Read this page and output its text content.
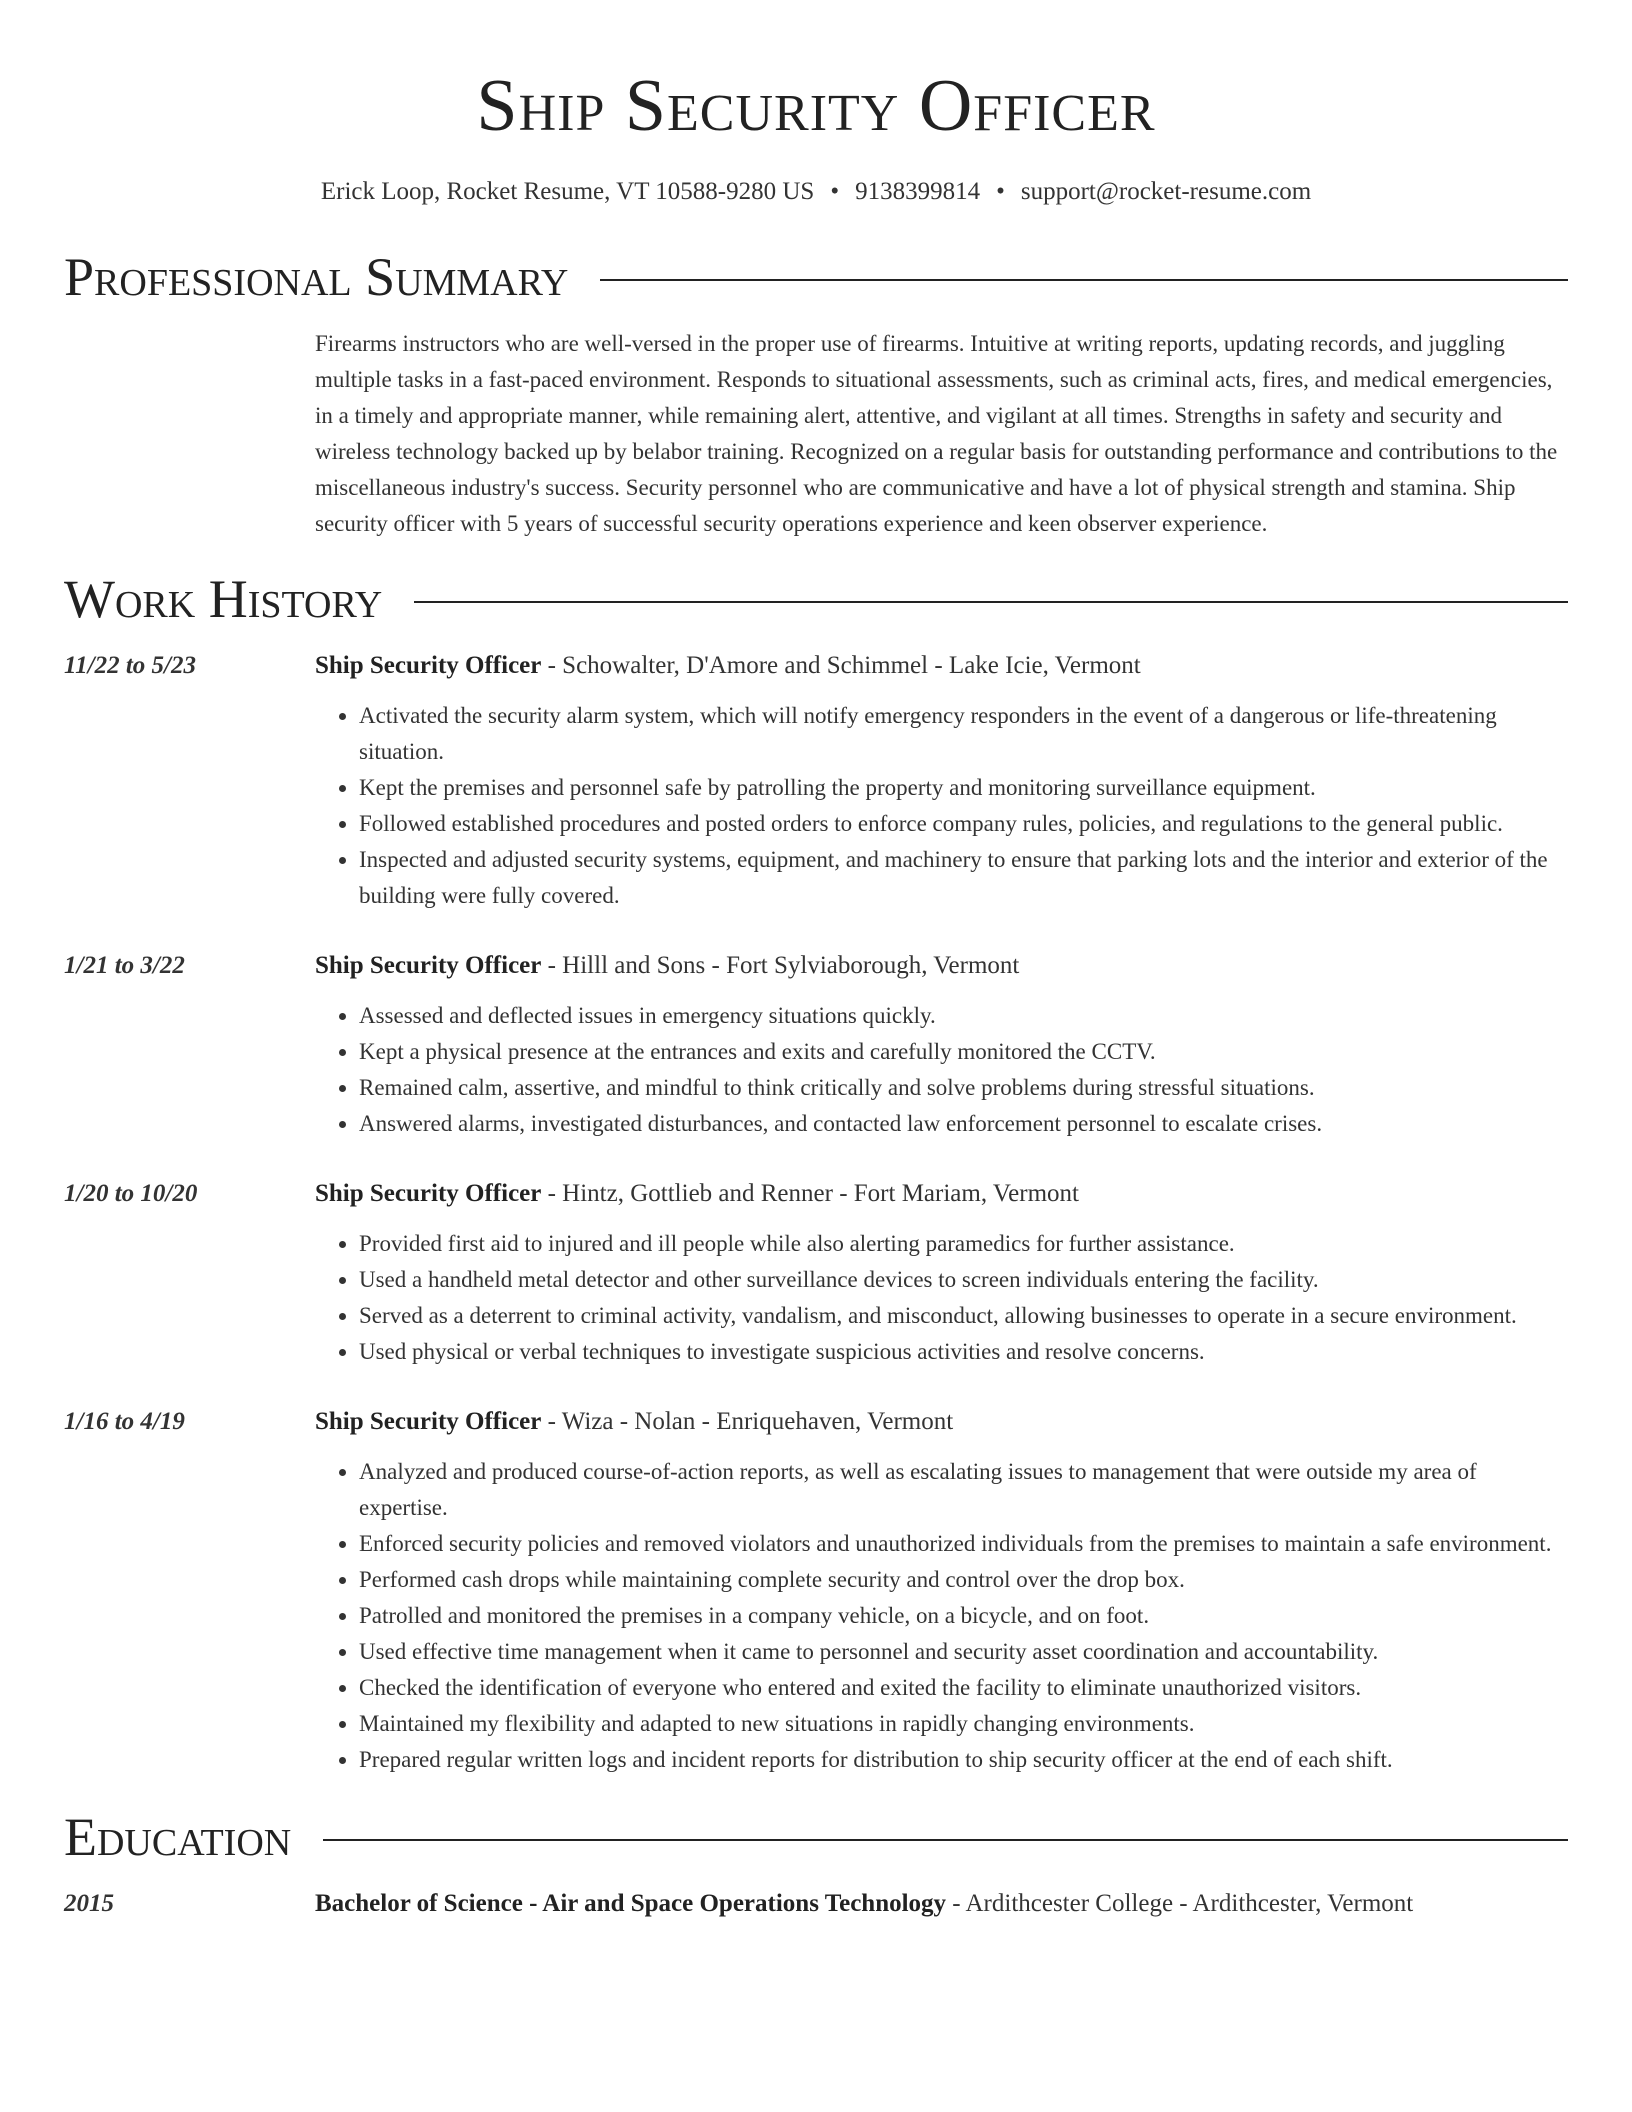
Ship Security Officer
Erick Loop, Rocket Resume, VT 10588-9280 US • 9138399814 • support@rocket-resume.com
Professional Summary
Firearms instructors who are well-versed in the proper use of firearms. Intuitive at writing reports, updating records, and juggling multiple tasks in a fast-paced environment. Responds to situational assessments, such as criminal acts, fires, and medical emergencies, in a timely and appropriate manner, while remaining alert, attentive, and vigilant at all times. Strengths in safety and security and wireless technology backed up by belabor training. Recognized on a regular basis for outstanding performance and contributions to the miscellaneous industry's success. Security personnel who are communicative and have a lot of physical strength and stamina. Ship security officer with 5 years of successful security operations experience and keen observer experience.
Work History
11/22 to 5/23	Ship Security Officer - Schowalter, D'Amore and Schimmel - Lake Icie, Vermont
• Activated the security alarm system, which will notify emergency responders in the event of a dangerous or life-threatening situation.
• Kept the premises and personnel safe by patrolling the property and monitoring surveillance equipment.
• Followed established procedures and posted orders to enforce company rules, policies, and regulations to the general public.
• Inspected and adjusted security systems, equipment, and machinery to ensure that parking lots and the interior and exterior of the building were fully covered.
1/21 to 3/22	Ship Security Officer - Hilll and Sons - Fort Sylviaborough, Vermont
• Assessed and deflected issues in emergency situations quickly.
• Kept a physical presence at the entrances and exits and carefully monitored the CCTV.
• Remained calm, assertive, and mindful to think critically and solve problems during stressful situations.
• Answered alarms, investigated disturbances, and contacted law enforcement personnel to escalate crises.
1/20 to 10/20	Ship Security Officer - Hintz, Gottlieb and Renner - Fort Mariam, Vermont
• Provided first aid to injured and ill people while also alerting paramedics for further assistance.
• Used a handheld metal detector and other surveillance devices to screen individuals entering the facility.
• Served as a deterrent to criminal activity, vandalism, and misconduct, allowing businesses to operate in a secure environment.
• Used physical or verbal techniques to investigate suspicious activities and resolve concerns.
1/16 to 4/19	Ship Security Officer - Wiza - Nolan - Enriquehaven, Vermont
• Analyzed and produced course-of-action reports, as well as escalating issues to management that were outside my area of expertise.
• Enforced security policies and removed violators and unauthorized individuals from the premises to maintain a safe environment.
• Performed cash drops while maintaining complete security and control over the drop box.
• Patrolled and monitored the premises in a company vehicle, on a bicycle, and on foot.
• Used effective time management when it came to personnel and security asset coordination and accountability.
• Checked the identification of everyone who entered and exited the facility to eliminate unauthorized visitors.
• Maintained my flexibility and adapted to new situations in rapidly changing environments.
• Prepared regular written logs and incident reports for distribution to ship security officer at the end of each shift.
Education
2015	Bachelor of Science - Air and Space Operations Technology - Ardithcester College - Ardithcester, Vermont
